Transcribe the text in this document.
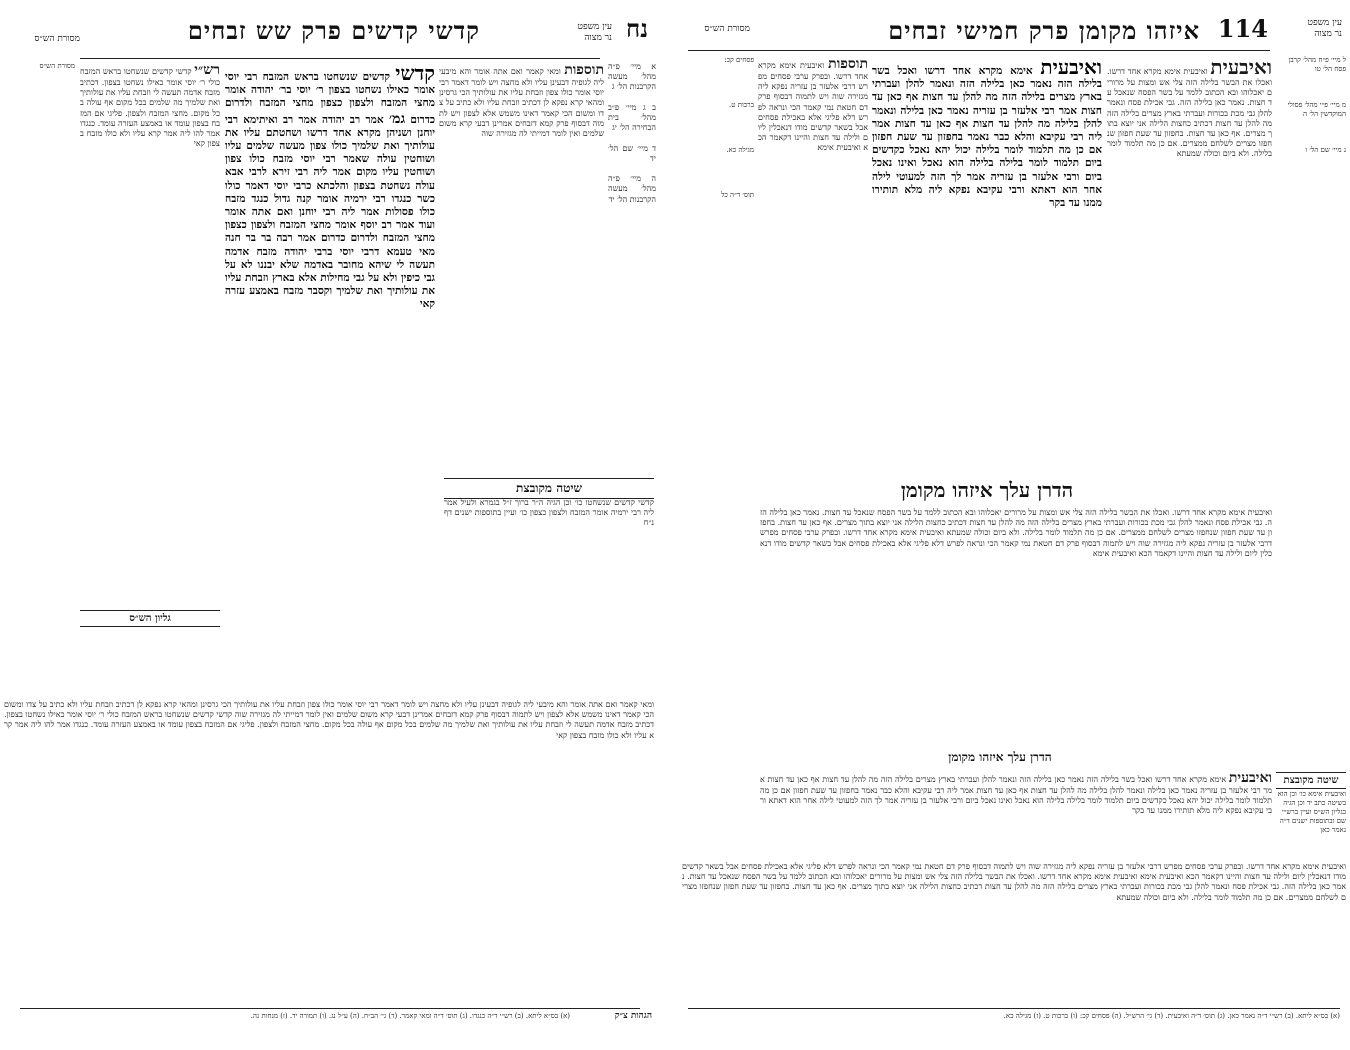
נח
עין משפט
נר מצוה
קדשי קדשים פרק שש זבחים
מסורת הש״ס
א מיי׳ פ״ה מהל׳ מעשה הקרבנות הל׳ ג

ב ג מיי׳ פ״ב מהל׳ בית הבחירה הל׳ יג

ד מיי׳ שם הל׳ יד

ה מיי׳ פ״ה מהל׳ מעשה הקרבנות הל׳ יד
תוספות ומאי קאמר ואם אתה אומר והא מיבעי ליה לגופיה דבעינן עליו ולא מחצה ויש לומר דאמר רבי יוסי אומר כולו צפון וזבחת עליו את עולותיך הכי גרסינן ומהאי קרא נפקא לן דכתיב וזבחת עליו ולא כתיב על צדו ומשום הכי קאמר דאינו משמש אלא לצפון ויש לתמוה דבסוף פרק קמא דזבחים אמרינן דבעי קרא משום שלמים ואין לומר דמייתי לה מגזירה שוה
שיטה מקובצת
קדשי קדשים שנשחטו כו׳ וכן הגיה ה״ר ברוך ז״ל בגמרא ולעיל אמר ליה רבי ירמיה אומר המזבח ולצפון כצפון כו׳ ועיין בתוספות ישנים דף נ״ח
קדשי קדשים שנשחטו בראש המזבח רבי יוסי אומר כאילו נשחטו בצפון ר׳ יוסי בר׳ יהודה אומר מחצי המזבח ולצפון כצפון מחצי המזבח ולדרום כדרום גמ׳ אמר רב יהודה אמר רב ואיתימא רבי יוחנן ושניהן מקרא אחד דרשו ושחטתם עליו את עולותיך ואת שלמיך כולו צפון מעשה שלמים עליו ושוחטין עולה שאמר רבי יוסי מזבח כולו צפון ושוחטין עליו מקום אמר ליה רבי זירא לרבי אבא עולה נשחטת בצפון והלכתא כרבי יוסי דאמר כולו כשר כנגדו רבי ירמיה אומר קנה גדול כנגד מזבח כולו פסולות אמר ליה רבי יוחנן ואם אתה אומר ועוד אמר רב יוסף אומר מחצי המזבח ולצפון כצפון מחצי המזבח ולדרום כדרום אמר רבה בר בר חנה מאי טעמא דרבי יוסי ברבי יהודה מזבח אדמה תעשה לי שיהא מחובר באדמה שלא יבננו לא על גבי כיפין ולא על גבי מחילות אלא בארץ וזבחת עליו את עולותיך ואת שלמיך וקסבר מזבח באמצע עזרה קאי
רש״י קדשי קדשים שנשחטו בראש המזבח כולי ר׳ יוסי אומר כאילו נשחטו בצפון. דכתיב מזבח אדמה תעשה לי וזבחת עליו את עולותיך ואת שלמיך מה שלמים בכל מקום אף עולה בכל מקום. מחצי המזבח ולצפון. פליגי אם המזבח בצפון עומד או באמצע העזרה עומד. כנגדו אמר להו ליה אמר קרא עליו ולא כולו מזבח בצפון קאי
גליון הש״ס
מסורת הש״ס
ומאי קאמר ואם אתה אומר והא מיבעי ליה לגופיה דבעינן עליו ולא מחצה ויש לומר דאמר רבי יוסי אומר כולו צפון וזבחת עליו את עולותיך הכי גרסינן ומהאי קרא נפקא לן דכתיב וזבחת עליו ולא כתיב על צדו ומשום הכי קאמר דאינו משמש אלא לצפון ויש לתמוה דבסוף פרק קמא דזבחים אמרינן דבעי קרא משום שלמים ואין לומר דמייתי לה מגזירה שוה קדשי קדשים שנשחטו בראש המזבח כולי ר׳ יוסי אומר כאילו נשחטו בצפון. דכתיב מזבח אדמה תעשה לי וזבחת עליו את עולותיך ואת שלמיך מה שלמים בכל מקום אף עולה בכל מקום. מחצי המזבח ולצפון. פליגי אם המזבח בצפון עומד או באמצע העזרה עומד. כנגדו אמר להו ליה אמר קרא עליו ולא כולו מזבח בצפון קאי
הגהות צ״ק
(א) בס״א ליתא. (ב) רש״י ד״ה כנגדו. (ג) תוס׳ ד״ה ומאי קאמר. (ד) גי׳ הב״ח. (ה) ע״ל נג. (ו) תמורה יד. (ז) מנחות נה.
עין משפט
נר מצוה
114
איזהו מקומן פרק חמישי זבחים
מסורת הש״ס
ל מיי׳ פ״ח מהל׳ קרבן פסח הל׳ טו

מ מיי׳ פ״י מהל׳ פסולי המוקדשין הל׳ ה

נ מיי׳ שם הל׳ ו
ואיבעית ואיבעית אימא מקרא אחד דרשו. ואכלו את הבשר בלילה הזה צלי אש ומצות על מרורים יאכלוהו ובא הכתוב ללמד על בשר הפסח שנאכל עד חצות. נאמר כאן בלילה הזה. גבי אכילת פסח ונאמר להלן גבי מכת בכורות ועברתי בארץ מצרים בלילה הזה מה להלן עד חצות דכתיב כחצות הלילה אני יוצא בתוך מצרים. אף כאן עד חצות. בחפזון עד שעת חפזון שנחפזו מצרים לשלחם ממצרים. אם כן מה תלמוד לומר בלילה. ולא ביום וכולה שמעתא
ואיבעית אימא מקרא אחד דרשו ואכל בשר בלילה הזה נאמר כאן בלילה הזה ונאמר להלן ועברתי בארץ מצרים בלילה הזה מה להלן עד חצות אף כאן עד חצות אמר רבי אלעזר בן עזריה נאמר כאן בלילה ונאמר להלן בלילה מה להלן עד חצות אף כאן עד חצות אמר ליה רבי עקיבא והלא כבר נאמר בחפזון עד שעת חפזון אם כן מה תלמוד לומר בלילה יכול יהא נאכל כקדשים ביום תלמוד לומר בלילה בלילה הוא נאכל ואינו נאכל ביום ורבי אלעזר בן עזריה אמר לך הזה למעוטי לילה אחר הוא דאתא ורבי עקיבא נפקא ליה מלא תותירו ממנו עד בקר
תוספות ואיבעית אימא מקרא אחד דרשו. ובפרק ערבי פסחים מפרש דרבי אלעזר בן עזריה נפקא ליה מגזירה שוה ויש לתמוה דבסוף פרק דם חטאת נמי קאמר הכי ונראה לפרש דלא פליגי אלא באכילת פסחים אבל בשאר קדשים מודו דנאכלין ליום ולילה עד חצות והיינו דקאמר הכא ואיבעית אימא
פסחים קכ:

ברכות ט.

מגילה כא.

תוס׳ ד״ה כל
הדרן עלך איזהו מקומן
ואיבעית אימא מקרא אחד דרשו. ואכלו את הבשר בלילה הזה צלי אש ומצות על מרורים יאכלוהו ובא הכתוב ללמד על בשר הפסח שנאכל עד חצות. נאמר כאן בלילה הזה. גבי אכילת פסח ונאמר להלן גבי מכת בכורות ועברתי בארץ מצרים בלילה הזה מה להלן עד חצות דכתיב כחצות הלילה אני יוצא בתוך מצרים. אף כאן עד חצות. בחפזון עד שעת חפזון שנחפזו מצרים לשלחם ממצרים. אם כן מה תלמוד לומר בלילה. ולא ביום וכולה שמעתא ואיבעית אימא מקרא אחד דרשו. ובפרק ערבי פסחים מפרש דרבי אלעזר בן עזריה נפקא ליה מגזירה שוה ויש לתמוה דבסוף פרק דם חטאת נמי קאמר הכי ונראה לפרש דלא פליגי אלא באכילת פסחים אבל בשאר קדשים מודו דנאכלין ליום ולילה עד חצות והיינו דקאמר הכא ואיבעית אימא
הדרן עלך איזהו מקומן
ואיבעית אימא מקרא אחד דרשו ואכל בשר בלילה הזה נאמר כאן בלילה הזה ונאמר להלן ועברתי בארץ מצרים בלילה הזה מה להלן עד חצות אף כאן עד חצות אמר רבי אלעזר בן עזריה נאמר כאן בלילה ונאמר להלן בלילה מה להלן עד חצות אף כאן עד חצות אמר ליה רבי עקיבא והלא כבר נאמר בחפזון עד שעת חפזון אם כן מה תלמוד לומר בלילה יכול יהא נאכל כקדשים ביום תלמוד לומר בלילה בלילה הוא נאכל ואינו נאכל ביום ורבי אלעזר בן עזריה אמר לך הזה למעוטי לילה אחר הוא דאתא ורבי עקיבא נפקא ליה מלא תותירו ממנו עד בקר
שיטה מקובצת
ואיבעית אימא כו׳ וכן הוא בשיטה כתב יד וכן הגיה בגליון הש״ס ועיין ברש״י שם ובתוספות ישנים ד״ה נאמר כאן
ואיבעית אימא מקרא אחד דרשו. ובפרק ערבי פסחים מפרש דרבי אלעזר בן עזריה נפקא ליה מגזירה שוה ויש לתמוה דבסוף פרק דם חטאת נמי קאמר הכי ונראה לפרש דלא פליגי אלא באכילת פסחים אבל בשאר קדשים מודו דנאכלין ליום ולילה עד חצות והיינו דקאמר הכא ואיבעית אימא ואיבעית אימא מקרא אחד דרשו. ואכלו את הבשר בלילה הזה צלי אש ומצות על מרורים יאכלוהו ובא הכתוב ללמד על בשר הפסח שנאכל עד חצות. נאמר כאן בלילה הזה. גבי אכילת פסח ונאמר להלן גבי מכת בכורות ועברתי בארץ מצרים בלילה הזה מה להלן עד חצות דכתיב כחצות הלילה אני יוצא בתוך מצרים. אף כאן עד חצות. בחפזון עד שעת חפזון שנחפזו מצרים לשלחם ממצרים. אם כן מה תלמוד לומר בלילה. ולא ביום וכולה שמעתא
(א) בס״א ליתא. (ב) רש״י ד״ה נאמר כאן. (ג) תוס׳ ד״ה ואיבעית. (ד) גי׳ הרש״ל. (ה) פסחים קכ: (ו) ברכות ט. (ז) מגילה כא.
